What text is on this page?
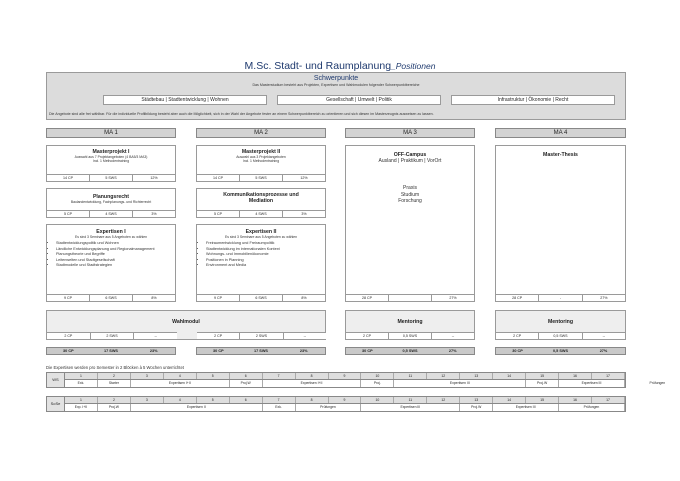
M.Sc. Stadt- und Raumplanung_Positionen
Schwerpunkte
Das Masterstudium besteht aus Projekten, Expertisen und Wahlmodulen folgender Schwerpunktbereiche
Städtebau | Stadtentwicklung | Wohnen	Gesellschaft | Umwelt | Politik	Infrastruktur | Ökonomie | Recht
Die Angebote sind alle frei wählbar. Für die individuelle Profilbildung besteht aber auch die Möglichkeit, sich in der Wahl der Angebote fester an einem Schwerpunktbereich zu orientieren und sich diesen im Masterzeugnis ausweisen zu lassen.
MA 1	MA 2	MA 3	MA 4
Masterprojekt I
Auswahl aus 7 Projektangeboten (4 BA5/3 MA3)
Incl. 1 Methodentraining
14 CP	5 SWS	12%
Planungsrecht
Baulandentwicklung, Fachplanungs- und Richterrecht
5 CP	4 SWS	3%
Expertisen I
Es sind 3 Seminare aus 5 Angeboten zu wählen
• Stadtentwicklungspolitik und Wohnen
• Ländliche Entwicklungsplanung und Regionalmanagement
• Planungstheorie und Begriffe
• Leitenwelten und Stadtgesellschaft
• Stadtmodelle und Stadtstrategien
9 CP	6 SWS	8%
Wahlmodul
2 CP	2 SWS	--	2 CP	2 SWS	--
Masterprojekt II
Auswahl aus 3 Projektangeboten
Incl. 1 Methodentraining
14 CP	5 SWS	12%
Kommunikationsprozesse und Mediation
5 CP	4 SWS	3%
Expertisen II
Es sind 3 Seminare aus 5 Angeboten zu wählen
• Freiraumentwicklung und Freiraumpolitik
• Stadtentwicklung im internationalen Kontext
• Wohnungs- und Immobilienökonomie
• Positionen in Planning
• Environment and Media
9 CP	6 SWS	8%
OFF-Campus
Ausland | Praktikum | VorOrt
Praxis
Studium
Forschung
28 CP	27%
Mentoring
2 CP	0,5 SWS	--
Master-Thesis
28 CP	-	27%
Mentoring
2 CP	0,5 SWS	--
30 CP	17 SWS	23%	30 CP	17 SWS	23%	30 CP	0,5 SWS	27%	30 CP	0,5 SWS	27%
Die Expertisen werden pro Semester in 2 Blöcken à 5 Wochen unterrichtet
WS
1	2	3	4	5	6	7	8	9	10	11	12	13	14	15	16	17
Exk.	Starter	Expertisen I+II	Proj.W	Expertisen I+II	Proj.	Expertisen III	Proj.W	Expertisen III	Prüfungen
SoSe
1	2	3	4	5	6	7	8	9	10	11	12	13	14	15	16	17
Exp. I+II	Proj.W	Expertisen II	Exk.	Prüfungen	Expertisen III	Proj.W	Expertisen III	Prüfungen
